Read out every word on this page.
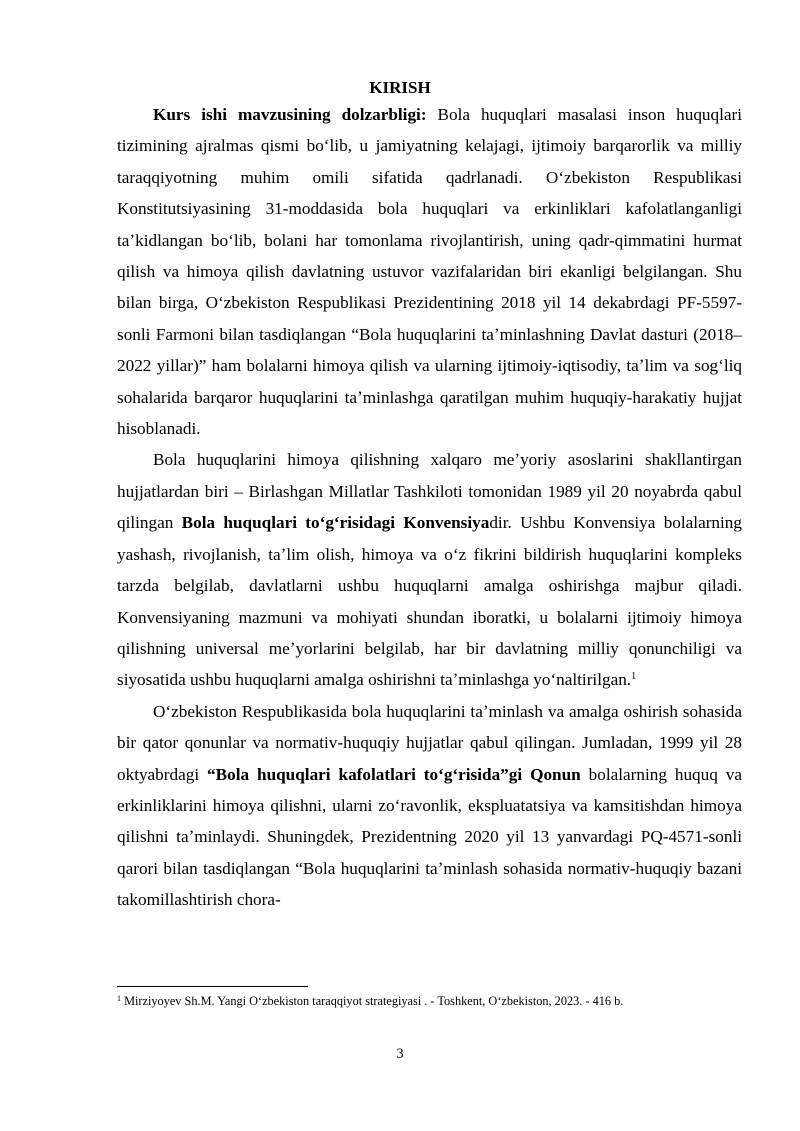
KIRISH

Kurs ishi mavzusining dolzarbligi: Bola huquqlari masalasi inson huquqlari tizimining ajralmas qismi boʻlib, u jamiyatning kelajagi, ijtimoiy barqarorlik va milliy taraqqiyotning muhim omili sifatida qadrlanadi. Oʻzbekiston Respublikasi Konstitutsiyasining 31-moddasida bola huquqlari va erkinliklari kafolatlanganligi taʼkidlangan boʻlib, bolani har tomonlama rivojlantirish, uning qadr-qimmatini hurmat qilish va himoya qilish davlatning ustuvor vazifalaridan biri ekanligi belgilangan. Shu bilan birga, Oʻzbekiston Respublikasi Prezidentining 2018 yil 14 dekabrdagi PF-5597-sonli Farmoni bilan tasdiqlangan “Bola huquqlarini taʼminlashning Davlat dasturi (2018–2022 yillar)” ham bolalarni himoya qilish va ularning ijtimoiy-iqtisodiy, taʼlim va sogʻliq sohalarida barqaror huquqlarini taʼminlashga qaratilgan muhim huquqiy-harakatiy hujjat hisoblanadi.

Bola huquqlarini himoya qilishning xalqaro meʼyoriy asoslarini shakllantirgan hujjatlardan biri – Birlashgan Millatlar Tashkiloti tomonidan 1989 yil 20 noyabrda qabul qilingan Bola huquqlari toʻgʻrisidagi Konvensiyadir. Ushbu Konvensiya bolalarning yashash, rivojlanish, taʼlim olish, himoya va oʻz fikrini bildirish huquqlarini kompleks tarzda belgilab, davlatlarni ushbu huquqlarni amalga oshirishga majbur qiladi. Konvensiyaning mazmuni va mohiyati shundan iboratki, u bolalarni ijtimoiy himoya qilishning universal meʼyorlarini belgilab, har bir davlatning milliy qonunchiligi va siyosatida ushbu huquqlarni amalga oshirishni taʼminlashga yoʻnaltirilgan.$^1$

Oʻzbekiston Respublikasida bola huquqlarini taʼminlash va amalga oshirish sohasida bir qator qonunlar va normativ-huquqiy hujjatlar qabul qilingan. Jumladan, 1999 yil 28 oktyabrdagi “Bola huquqlari kafolatlari toʻgʻrisida”gi Qonun bolalarning huquq va erkinliklarini himoya qilishni, ularni zoʻravonlik, ekspluatatsiya va kamsitishdan himoya qilishni taʼminlaydi. Shuningdek, Prezidentning 2020 yil 13 yanvardagi PQ-4571-sonli qarori bilan tasdiqlangan “Bola huquqlarini taʼminlash sohasida normativ-huquqiy bazani takomillashtirish chora-

$^1$ Mirziyoyev Sh.M. Yangi Oʻzbekiston taraqqiyot strategiyasi . - Toshkent, Oʻzbekiston, 2023. - 416 b.
3
